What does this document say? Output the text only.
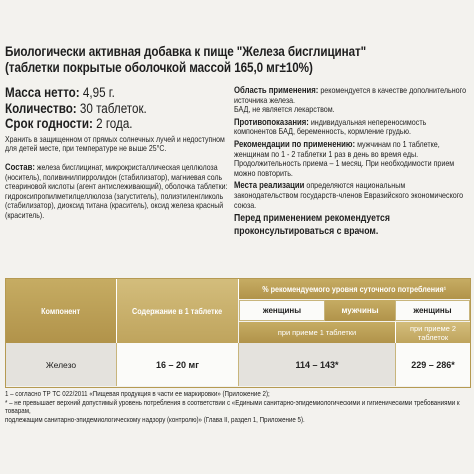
Биологически активная добавка к пище "Железа бисглицинат"
(таблетки покрытые оболочкой массой 165,0 мг±10%)
Масса нетто: 4,95 г.
Количество: 30 таблеток.
Срок годности: 2 года.
Хранить в защищенном от прямых солнечных лучей и недоступном для детей месте, при температуре не выше 25°C.
Состав: железа бисглицинат, микрокристаллическая целлюлоза (носитель), поливинилпирролидон (стабилизатор), магниевая соль стеариновой кислоты (агент антислеживающий), оболочка таблетки: гидроксипропилметилцеллюлоза (загуститель), полиэтиленгликоль (стабилизатор), диоксид титана (краситель), оксид железа красный (краситель).
Область применения: рекомендуется в качестве дополнительного источника железа.
БАД, не является лекарством.
Противопоказания: индивидуальная непереносимость компонентов БАД, беременность, кормление грудью.
Рекомендации по применению: мужчинам по 1 таблетке, женщинам по 1 - 2 таблетки 1 раз в день во время еды. Продолжительность приема – 1 месяц. При необходимости прием можно повторить.
Места реализации определяются национальным законодательством государств-членов Евразийского экономического союза.
Перед применением рекомендуется
проконсультироваться с врачом.
Компонент	Содержание в 1 таблетке
% рекомендуемого уровня суточного потребления¹
женщины	мужчины	женщины
при приеме 1 таблетки	при приеме 2 таблеток
Железо	16 – 20 мг	114 – 143*	229 – 286*
1 – согласно ТР ТС 022/2011 «Пищевая продукция в части ее маркировки» (Приложение 2);
* – не превышает верхний допустимый уровень потребления в соответствии с «Едиными санитарно-эпидемиологическими и гигиеническими требованиями к товарам,
подлежащим санитарно-эпидемиологическому надзору (контролю)» (Глава II, раздел 1, Приложение 5).
